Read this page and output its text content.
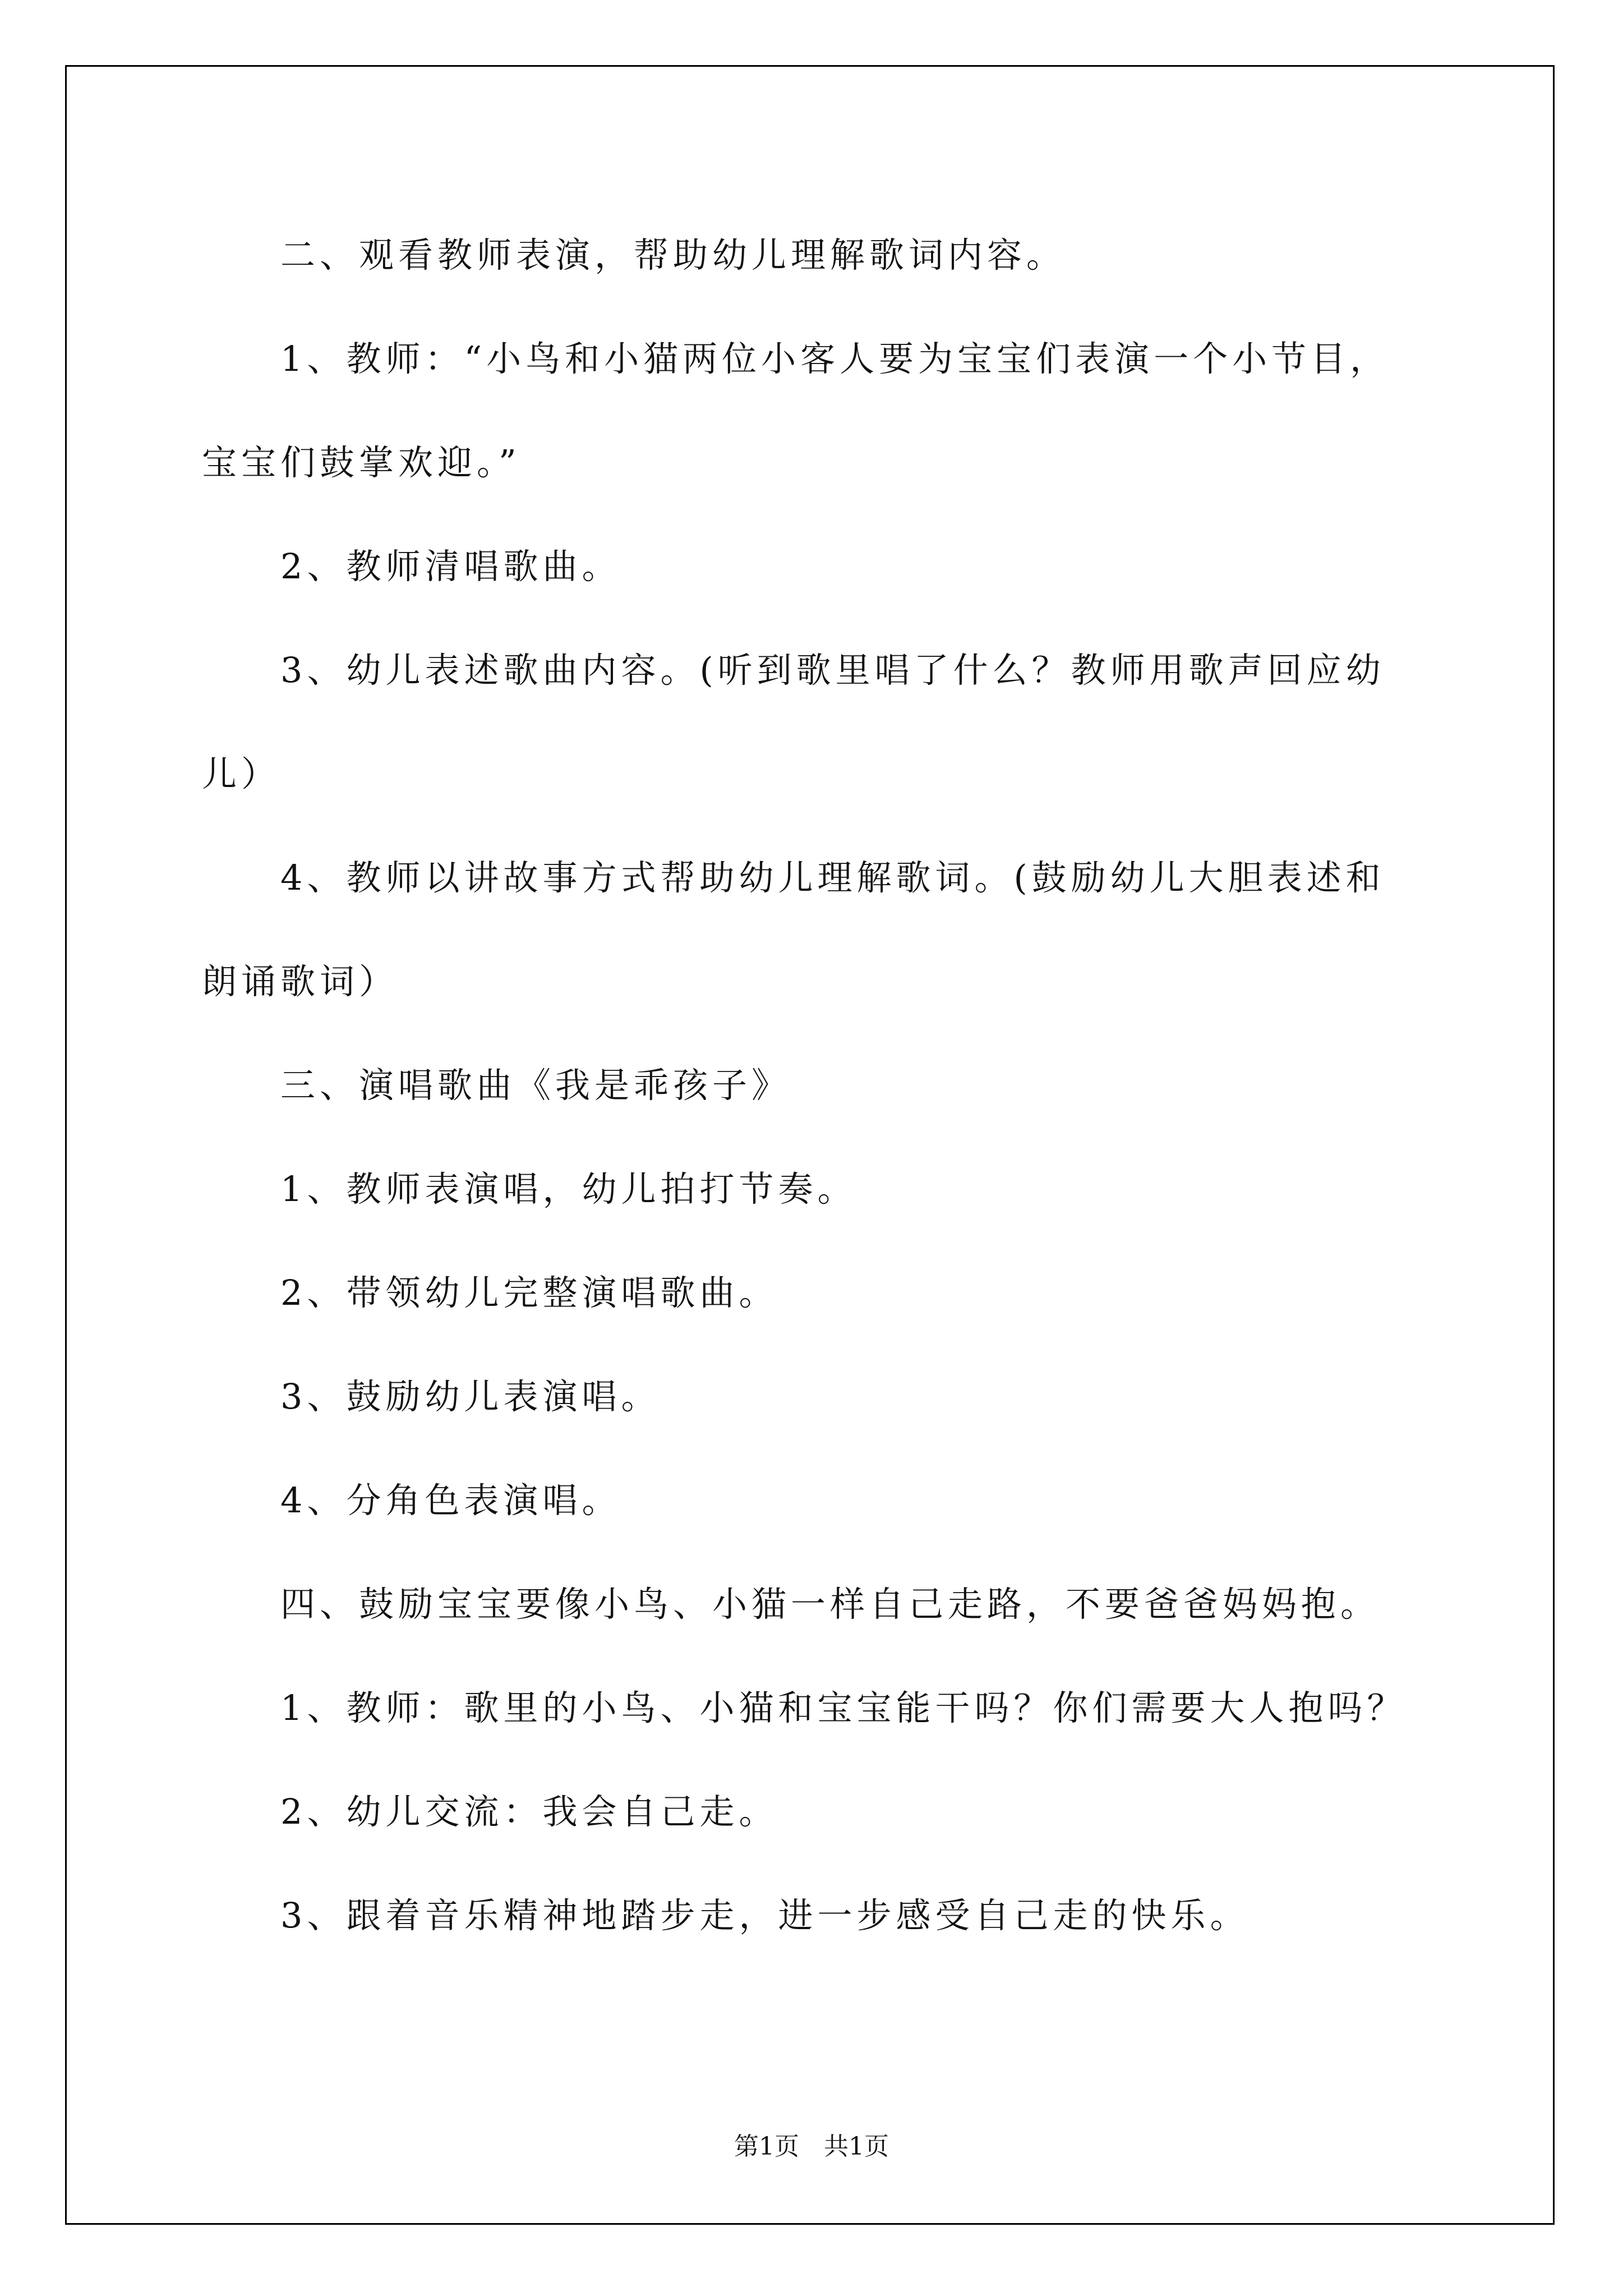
二、观看教师表演，帮助幼儿理解歌词内容。
1、教师：“小鸟和小猫两位小客人要为宝宝们表演一个小节目，
宝宝们鼓掌欢迎。”
2、教师清唱歌曲。
3、幼儿表述歌曲内容。(听到歌里唱了什么？教师用歌声回应幼
儿）
4、教师以讲故事方式帮助幼儿理解歌词。(鼓励幼儿大胆表述和
朗诵歌词）
三、演唱歌曲《我是乖孩子》
1、教师表演唱，幼儿拍打节奏。
2、带领幼儿完整演唱歌曲。
3、鼓励幼儿表演唱。
4、分角色表演唱。
四、鼓励宝宝要像小鸟、小猫一样自己走路，不要爸爸妈妈抱。
1、教师：歌里的小鸟、小猫和宝宝能干吗？你们需要大人抱吗？
2、幼儿交流：我会自己走。
3、跟着音乐精神地踏步走，进一步感受自己走的快乐。
第1页　共1页
